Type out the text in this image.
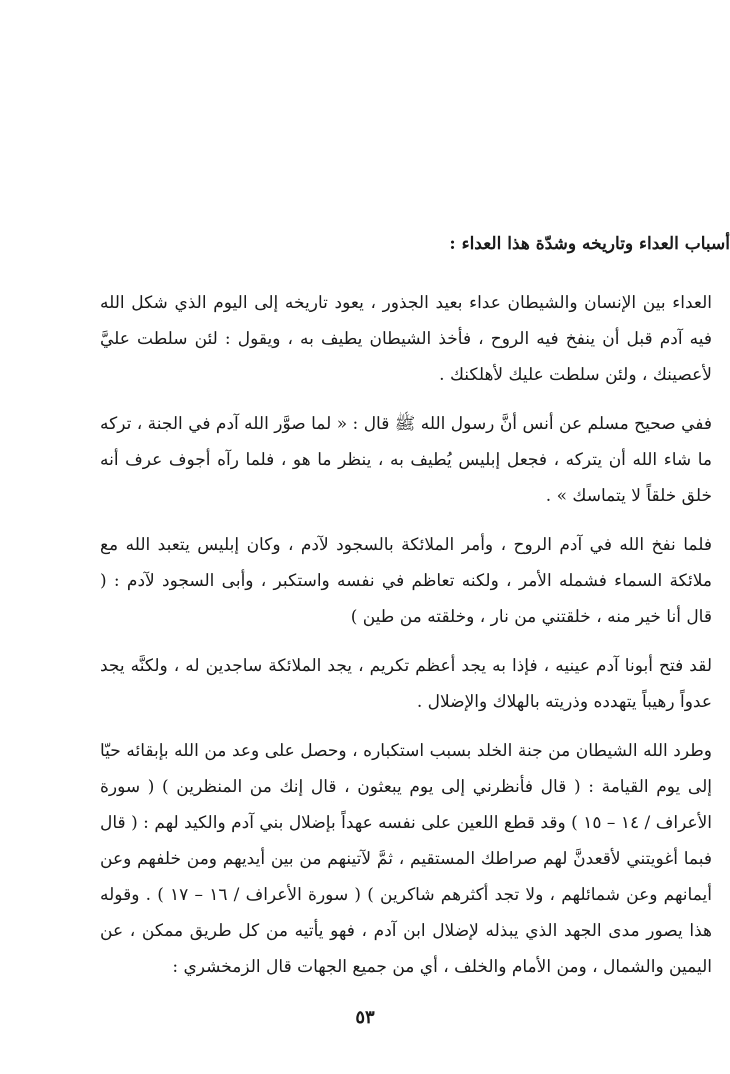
أسباب العداء وتاريخه وشدّة هذا العداء :

العداء بين الإنسان والشيطان عداء بعيد الجذور ، يعود تاريخه إلى اليوم الذي شكل الله فيه آدم قبل أن ينفخ فيه الروح ، فأخذ الشيطان يطيف به ، ويقول : لئن سلطت عليَّ لأعصينك ، ولئن سلطت عليك لأهلكنك .

ففي صحيح مسلم عن أنس أنَّ رسول الله ﷺ قال : « لما صوَّر الله آدم في الجنة ، تركه ما شاء الله أن يتركه ، فجعل إبليس يُطيف به ، ينظر ما هو ، فلما رآه أجوف عرف أنه خلق خلقاً لا يتماسك » .

فلما نفخ الله في آدم الروح ، وأمر الملائكة بالسجود لآدم ، وكان إبليس يتعبد الله مع ملائكة السماء فشمله الأمر ، ولكنه تعاظم في نفسه واستكبر ، وأبى السجود لآدم : ( قال أنا خير منه ، خلقتني من نار ، وخلقته من طين )

لقد فتح أبونا آدم عينيه ، فإذا به يجد أعظم تكريم ، يجد الملائكة ساجدين له ، ولكنَّه يجد عدواً رهيباً يتهدده وذريته بالهلاك والإضلال .

وطرد الله الشيطان من جنة الخلد بسبب استكباره ، وحصل على وعد من الله بإبقائه حيّا إلى يوم القيامة : ( قال فأنظرني إلى يوم يبعثون ، قال إنك من المنظرين ) ( سورة الأعراف / ١٤ – ١٥ ) وقد قطع اللعين على نفسه عهداً بإضلال بني آدم والكيد لهم : ( قال فبما أغويتني لأقعدنَّ لهم صراطك المستقيم ، ثمَّ لآتينهم من بين أيديهم ومن خلفهم وعن أيمانهم وعن شمائلهم ، ولا تجد أكثرهم شاكرين ) ( سورة الأعراف / ١٦ – ١٧ ) . وقوله هذا يصور مدى الجهد الذي يبذله لإضلال ابن آدم ، فهو يأتيه من كل طريق ممكن ، عن اليمين والشمال ، ومن الأمام والخلف ، أي من جميع الجهات قال الزمخشري :

٥٣
